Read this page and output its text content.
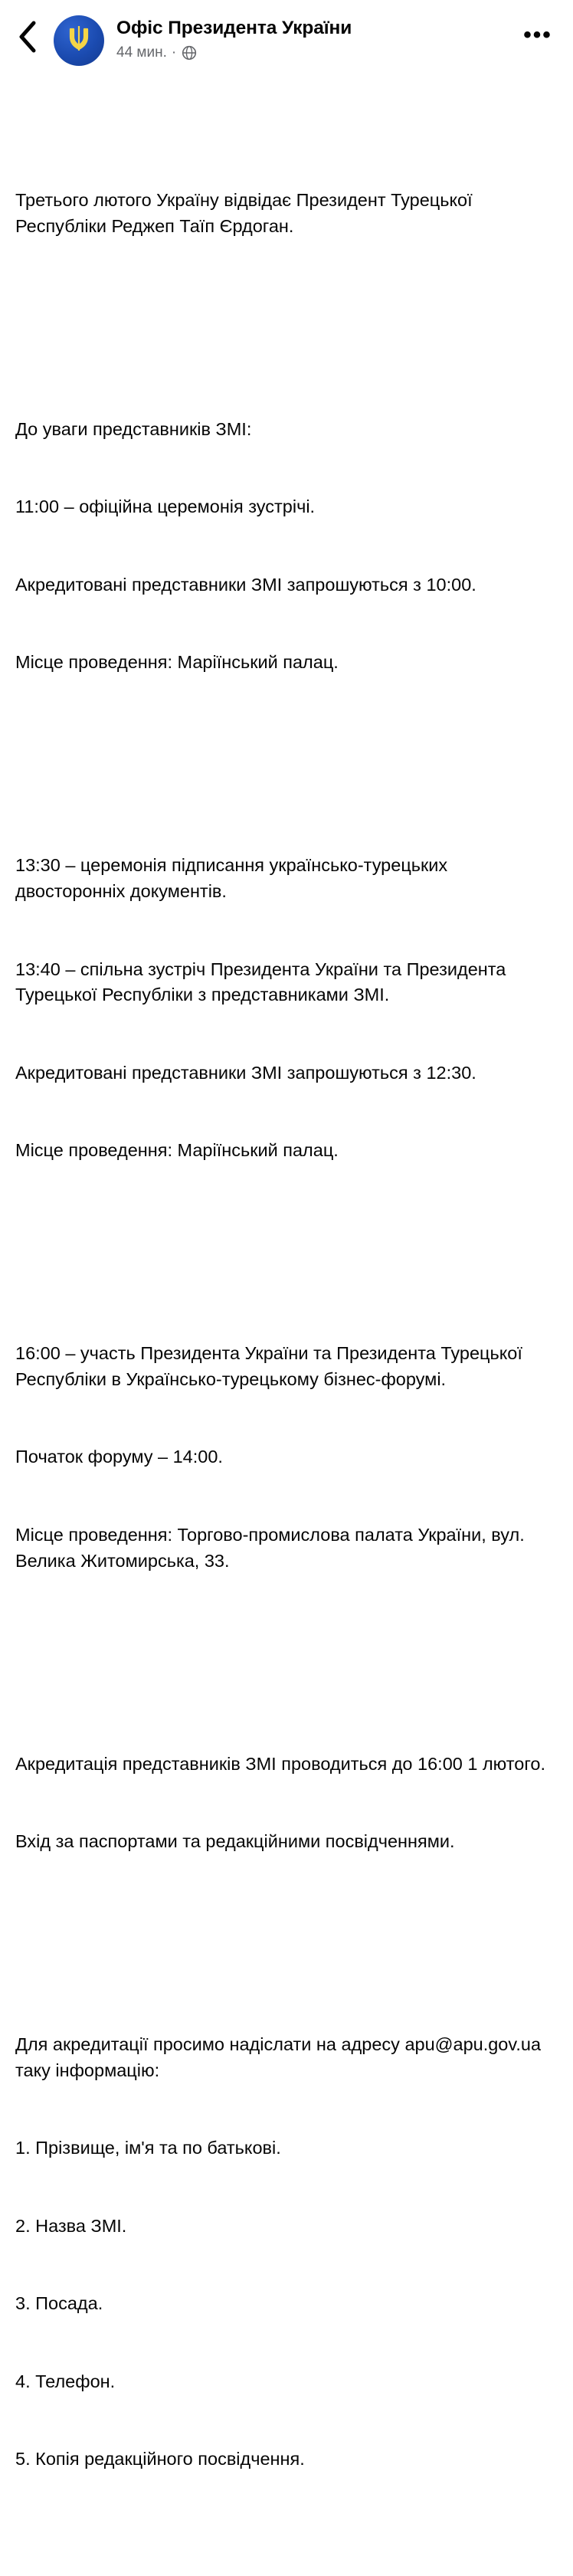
Офіс Президента України
44 мин. ·
•••

Третього лютого Україну відвідає Президент Турецької Республіки Реджеп Таїп Єрдоган.

До уваги представників ЗМІ:

11:00 – офіційна церемонія зустрічі.

Акредитовані представники ЗМІ запрошуються з 10:00.

Місце проведення: Маріїнський палац.

13:30 – церемонія підписання українсько-турецьких двосторонніх документів.

13:40 – спільна зустріч Президента України та Президента Турецької Республіки з представниками ЗМІ.

Акредитовані представники ЗМІ запрошуються з 12:30.

Місце проведення: Маріїнський палац.

16:00 – участь Президента України та Президента Турецької Республіки в Українсько-турецькому бізнес-форумі.

Початок форуму – 14:00.

Місце проведення: Торгово-промислова палата України, вул. Велика Житомирська, 33.

Акредитація представників ЗМІ проводиться до 16:00 1 лютого.

Вхід за паспортами та редакційними посвідченнями.

Для акредитації просимо надіслати на адресу apu@apu.gov.ua таку інформацію:

1. Прізвище, ім'я та по батькові.

2. Назва ЗМІ.

3. Посада.

4. Телефон.

5. Копія редакційного посвідчення.
